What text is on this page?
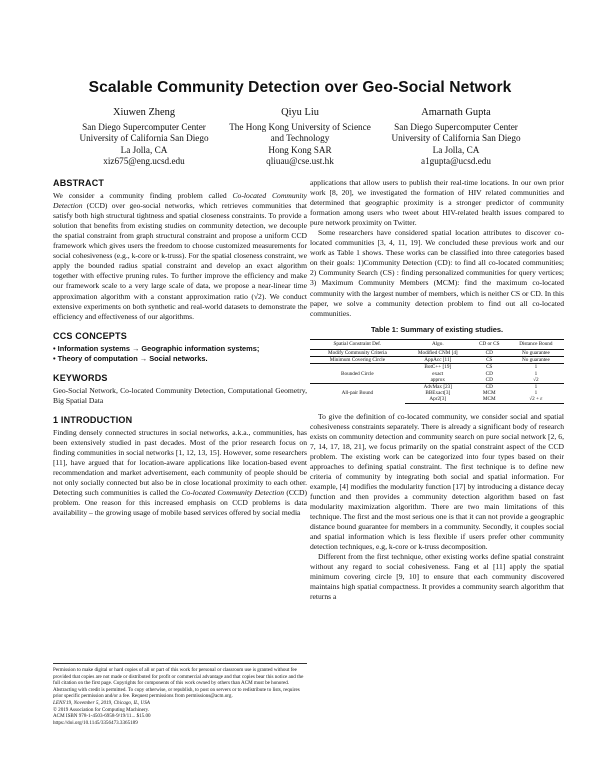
Scalable Community Detection over Geo-Social Network
Xiuwen Zheng
San Diego Supercomputer Center
University of California San Diego
La Jolla, CA
xiz675@eng.ucsd.edu
Qiyu Liu
The Hong Kong University of Science
and Technology
Hong Kong SAR
qliuau@cse.ust.hk
Amarnath Gupta
San Diego Supercomputer Center
University of California San Diego
La Jolla, CA
a1gupta@ucsd.edu
ABSTRACT

We consider a community finding problem called Co-located Community Detection (CCD) over geo-social networks, which retrieves communities that satisfy both high structural tightness and spatial closeness constraints. To provide a solution that benefits from existing studies on community detection, we decouple the spatial constraint from graph structural constraint and propose a uniform CCD framework which gives users the freedom to choose customized measurements for social cohesiveness (e.g., k-core or k-truss). For the spatial closeness constraint, we apply the bounded radius spatial constraint and develop an exact algorithm together with effective pruning rules. To further improve the efficiency and make our framework scale to a very large scale of data, we propose a near-linear time approximation algorithm with a constant approximation ratio (√2). We conduct extensive experiments on both synthetic and real-world datasets to demonstrate the efficiency and effectiveness of our algorithms.

CCS CONCEPTS
• Information systems → Geographic information systems;
• Theory of computation → Social networks.
KEYWORDS

Geo-Social Network, Co-located Community Detection, Computational Geometry, Big Spatial Data

1 INTRODUCTION

Finding densely connected structures in social networks, a.k.a., communities, has been extensively studied in past decades. Most of the prior research focus on finding communities in social networks [1, 12, 13, 15]. However, some researchers [11], have argued that for location-aware applications like location-based event recommendation and market advertisement, each community of people should be not only socially connected but also be in close locational proximity to each other. Detecting such communities is called the Co-located Community Detection (CCD) problem. One reason for this increased emphasis on CCD problems is data availability – the growing usage of mobile based services offered by social media

Permission to make digital or hard copies of all or part of this work for personal or classroom use is granted without fee provided that copies are not made or distributed for profit or commercial advantage and that copies bear this notice and the full citation on the first page. Copyrights for components of this work owned by others than ACM must be honored. Abstracting with credit is permitted. To copy otherwise, or republish, to post on servers or to redistribute to lists, requires prior specific permission and/or a fee. Request permissions from permissions@acm.org.

LENS'19, November 5, 2019, Chicago, IL, USA

© 2019 Association for Computing Machinery.

ACM ISBN 978-1-4503-6958-9/19/11... $15.00

https://doi.org/10.1145/3356473.3365189

applications that allow users to publish their real-time locations. In our own prior work [8, 20], we investigated the formation of HIV related communities and determined that geographic proximity is a stronger predictor of community formation among users who tweet about HIV-related health issues compared to pure network proximity on Twitter.

Some researchers have considered spatial location attributes to discover co-located communities [3, 4, 11, 19]. We concluded these previous work and our work as Table 1 shows. These works can be classified into three categories based on their goals: 1)Community Detection (CD): to find all co-located communities; 2) Community Search (CS) : finding personalized communities for query vertices; 3) Maximum Community Members (MCM): find the maximum co-located community with the largest number of members, which is neither CS or CD. In this paper, we solve a community detection problem to find out all co-located communities.

Table 1: Summary of existing studies.
Spatial Constraint Def.	Algo.	CD or CS	Distance Bound
Modify Community Criteria	Modified CNM [4]	CD	No guarantee
Minimum Covering Circle	AppAcc [11]	CS	No guarantee
Bounded Circle	BotC++ [19]	CS	1
	exact	CD	1
	approx	CD	√2
All-pair Bound	AdvMax [23]	CD	1
	BBExact[3]	MCM	1
	Apr2[3]	MCM	√2 + ε

To give the definition of co-located community, we consider social and spatial cohesiveness constraints separately. There is already a significant body of research exists on community detection and community search on pure social network [2, 6, 7, 14, 17, 18, 21], we focus primarily on the spatial constraint aspect of the CCD problem. The existing work can be categorized into four types based on their approaches to defining spatial constraint. The first technique is to define new criteria of community by integrating both social and spatial information. For example, [4] modifies the modularity function [17] by introducing a distance decay function and then provides a community detection algorithm based on fast modularity maximization algorithm. There are two main limitations of this technique. The first and the most serious one is that it can not provide a geographic distance bound guarantee for members in a community. Secondly, it couples social and spatial information which is less flexible if users prefer other community detection techniques, e.g, k-core or k-truss decomposition.

Different from the first technique, other existing works define spatial constraint without any regard to social cohesiveness. Fang et al [11] apply the spatial minimum covering circle [9, 10] to ensure that each community discovered maintains high spatial compactness. It provides a community search algorithm that returns a
